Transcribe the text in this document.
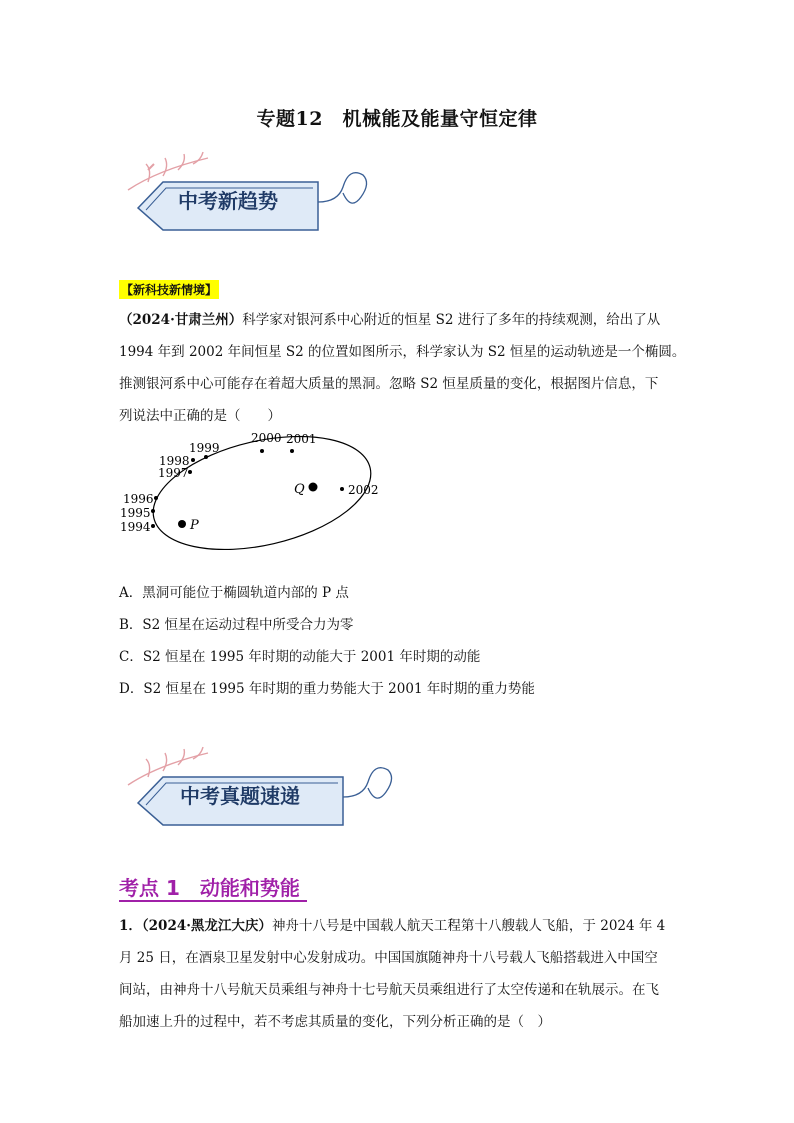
专题12　机械能及能量守恒定律
中考新趋势
【新科技新情境】

（2024·甘肃兰州）科学家对银河系中心附近的恒星 S2 进行了多年的持续观测，给出了从

1994 年到 2002 年间恒星 S2 的位置如图所示，科学家认为 S2 恒星的运动轨迹是一个椭圆。

推测银河系中心可能存在着超大质量的黑洞。忽略 S2 恒星质量的变化，根据图片信息，下

列说法中正确的是（　　）

1994
1995
1996
1997
1998
1999
2000 2001
2002
P
Q
A．黑洞可能位于椭圆轨道内部的 P 点
B．S2 恒星在运动过程中所受合力为零
C．S2 恒星在 1995 年时期的动能大于 2001 年时期的动能
D．S2 恒星在 1995 年时期的重力势能大于 2001 年时期的重力势能
中考真题速递
考点 1　动能和势能

1．（2024·黑龙江大庆）神舟十八号是中国载人航天工程第十八艘载人飞船，于 2024 年 4

月 25 日，在酒泉卫星发射中心发射成功。中国国旗随神舟十八号载人飞船搭载进入中国空

间站，由神舟十八号航天员乘组与神舟十七号航天员乘组进行了太空传递和在轨展示。在飞

船加速上升的过程中，若不考虑其质量的变化，下列分析正确的是（　）
